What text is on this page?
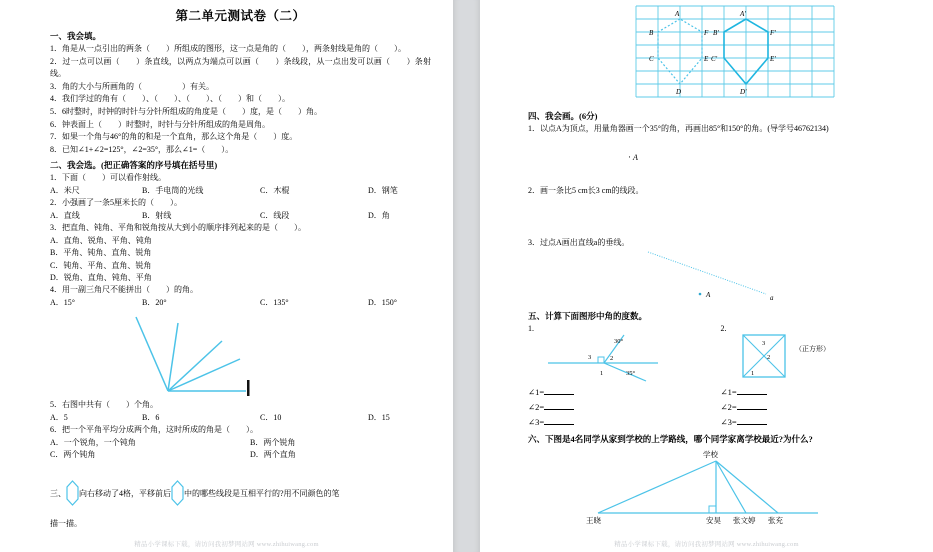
第二单元测试卷（二）
一、我会填。
1．角是从一点引出的两条（　　）所组成的图形，这一点是角的（　　），两条射线是角的（　　）。
2．过一点可以画（　　）条直线，以两点为端点可以画（　　）条线段，从一点出发可以画（　　）条射线。
3．角的大小与所画角的（　　　　　）有关。
4．我们学过的角有（　　）、（　　）、（　　）、（　　）和（　　）。
5．6时整时，时钟的时针与分针所组成的角度是（　　）度，是（　　）角。
6．钟表面上（　　）时整时，时针与分针所组成的角是周角。
7．如果一个角与46°的角的和是一个直角，那么这个角是（　　）度。
8．已知∠1+∠2=125°，∠2=35°，那么∠1=（　　）。
二、我会选。(把正确答案的序号填在括号里)
1．下面（　　）可以看作射线。
A．米尺	B．手电筒的光线	C．木棍	D．钢笔
2．小强画了一条5厘米长的（　　）。
A．直线	B．射线	C．线段	D．角
3．把直角、钝角、平角和锐角按从大到小的顺序排列起来的是（　　）。
A．直角、锐角、平角、钝角
B．平角、钝角、直角、锐角
C．钝角、平角、直角、锐角
D．锐角、直角、钝角、平角
4．用一副三角尺不能拼出（　　）的角。
A．15°	B．20°	C．135°	D．150°
5．右图中共有（　　）个角。
A．5	B．6	C．10	D．15
6．把一个平角平均分成两个角，这时所成的角是（　　）。
A．一个锐角，一个钝角	B．两个锐角
C．两个钝角	D．两个直角
三、 向右移动了4格，平移前后 中的哪些线段是互相平行的?用不同颜色的笔
描一描。
精品小学课标下载，请访问我初梦网站网 www.zhihuiwang.com
A
B	F
C	E
D
A'
B'	F'
C'	E'
D'
四、我会画。(6分)
1．以点A为顶点，用量角器画一个35°的角，再画出85°和150°的角。(导学号46762134)
· A
2．画一条比5 cm长3 cm的线段。
3．过点A画出直线a的垂线。
A	a
五、计算下面图形中角的度数。
1.
30°
35°
3	2
1
∠1=
∠2=
∠3=
2.
3
2
1
（正方形）
∠1=
∠2=
∠3=
六、下图是4名同学从家到学校的上学路线，哪个同学家离学校最近?为什么?
学校
王晓	安昊 张文婷 张充
精品小学课标下载，请访问我初梦网站网 www.zhihuiwang.com
